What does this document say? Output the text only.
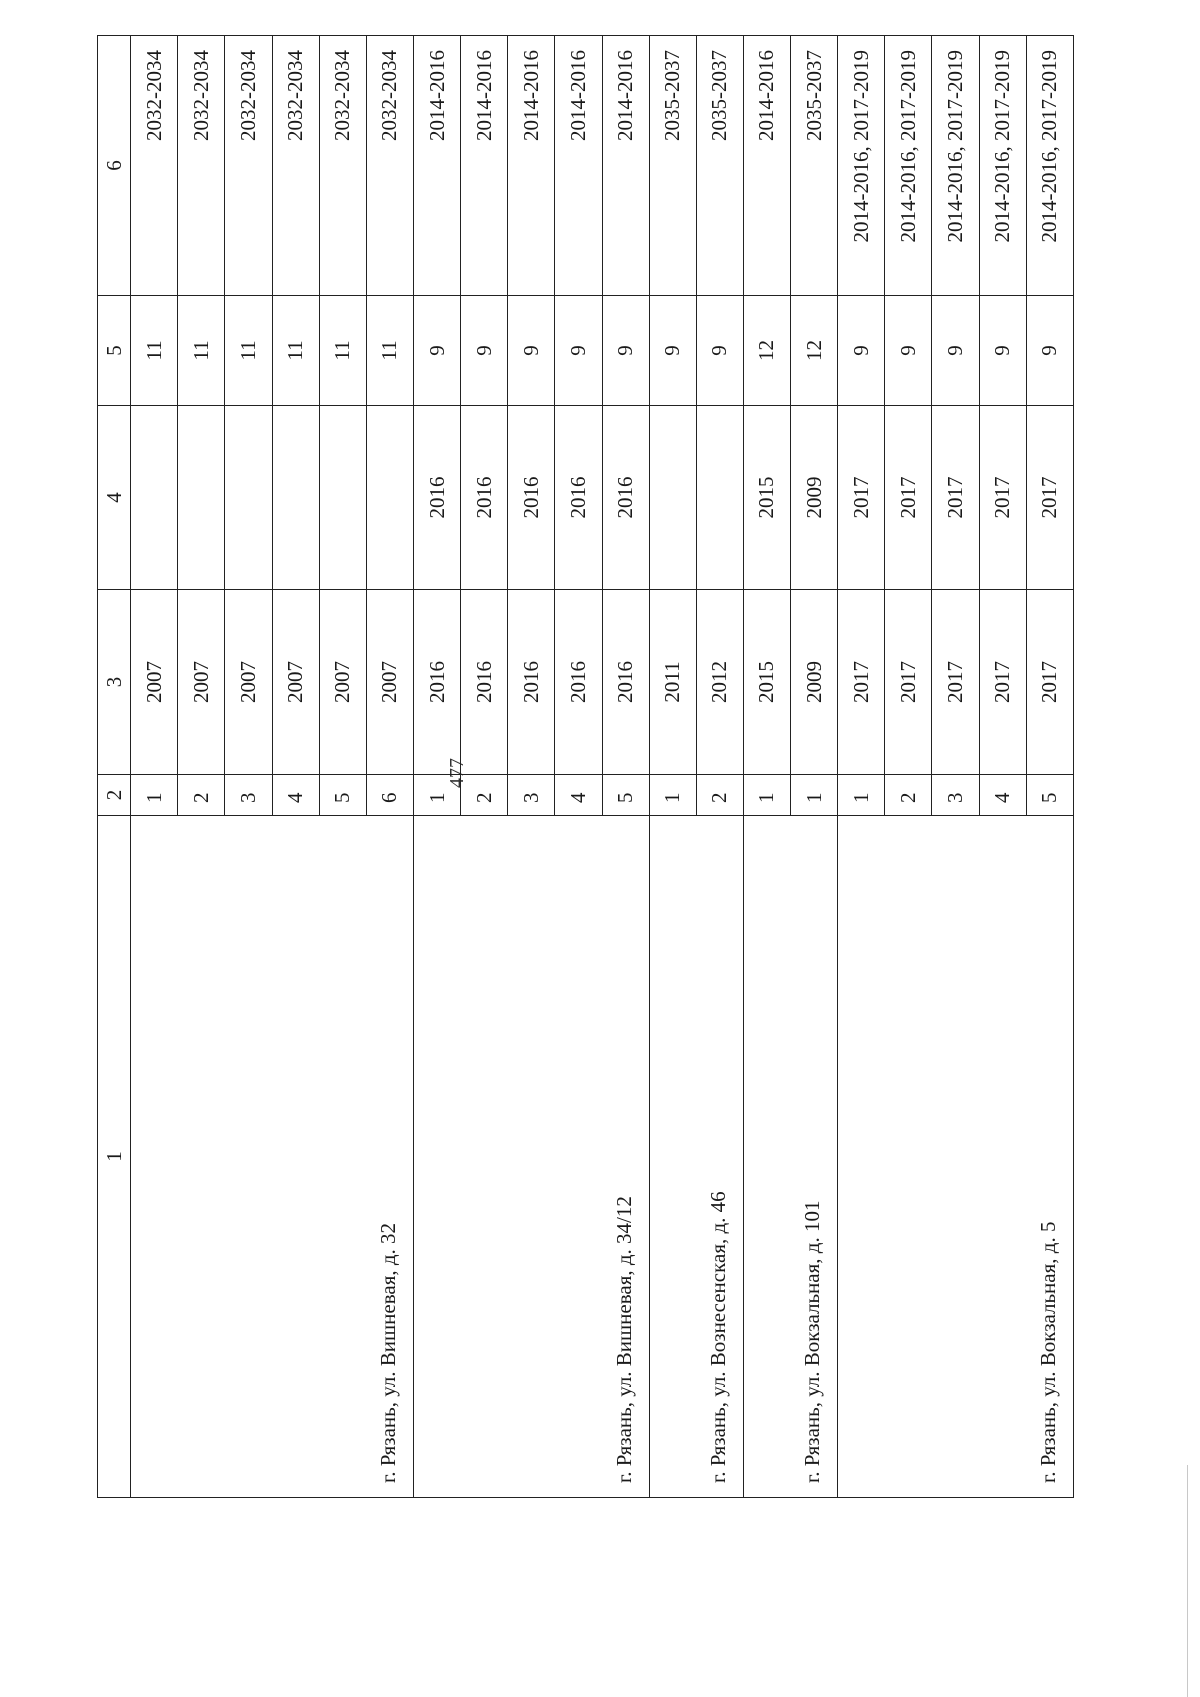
477
1	2	3	4	5	6
г. Рязань, ул. Вишневая, д. 32	1	2007		11	2032-2034
	2	2007		11	2032-2034
	3	2007		11	2032-2034
	4	2007		11	2032-2034
	5	2007		11	2032-2034
	6	2007		11	2032-2034
г. Рязань, ул. Вишневая, д. 34/12	1	2016	2016	9	2014-2016
	2	2016	2016	9	2014-2016
	3	2016	2016	9	2014-2016
	4	2016	2016	9	2014-2016
	5	2016	2016	9	2014-2016
г. Рязань, ул. Вознесенская, д. 46	1	2011		9	2035-2037
	2	2012		9	2035-2037
г. Рязань, ул. Вокзальная, д. 101	1	2015	2015	12	2014-2016
	1	2009	2009	12	2035-2037
г. Рязань, ул. Вокзальная, д. 5	1	2017	2017	9	2014-2016, 2017-2019
	2	2017	2017	9	2014-2016, 2017-2019
	3	2017	2017	9	2014-2016, 2017-2019
	4	2017	2017	9	2014-2016, 2017-2019
	5	2017	2017	9	2014-2016, 2017-2019
